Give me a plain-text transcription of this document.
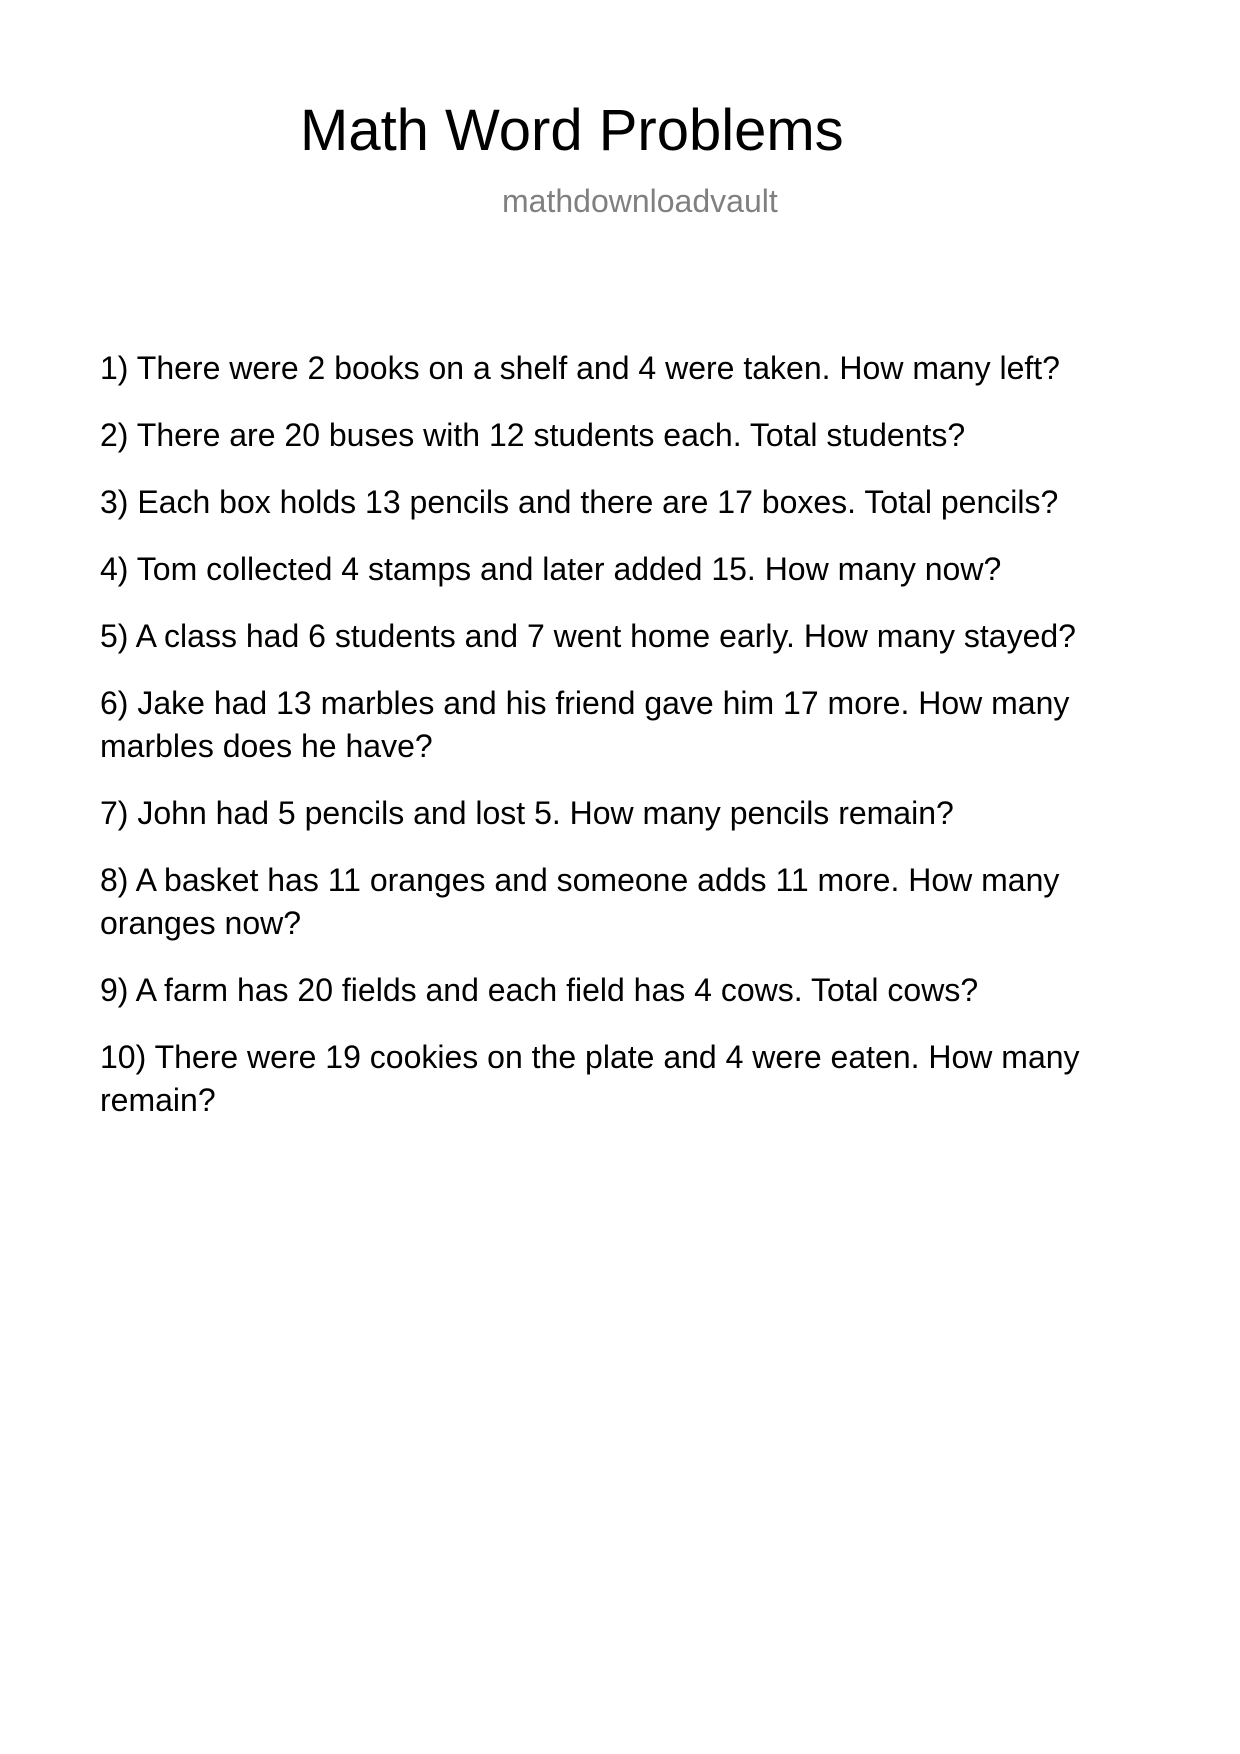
Math Word Problems
mathdownloadvault
1) There were 2 books on a shelf and 4 were taken. How many left?
2) There are 20 buses with 12 students each. Total students?
3) Each box holds 13 pencils and there are 17 boxes. Total pencils?
4) Tom collected 4 stamps and later added 15. How many now?
5) A class had 6 students and 7 went home early. How many stayed?
6) Jake had 13 marbles and his friend gave him 17 more. How many marbles does he have?
7) John had 5 pencils and lost 5. How many pencils remain?
8) A basket has 11 oranges and someone adds 11 more. How many oranges now?
9) A farm has 20 fields and each field has 4 cows. Total cows?
10) There were 19 cookies on the plate and 4 were eaten. How many remain?
